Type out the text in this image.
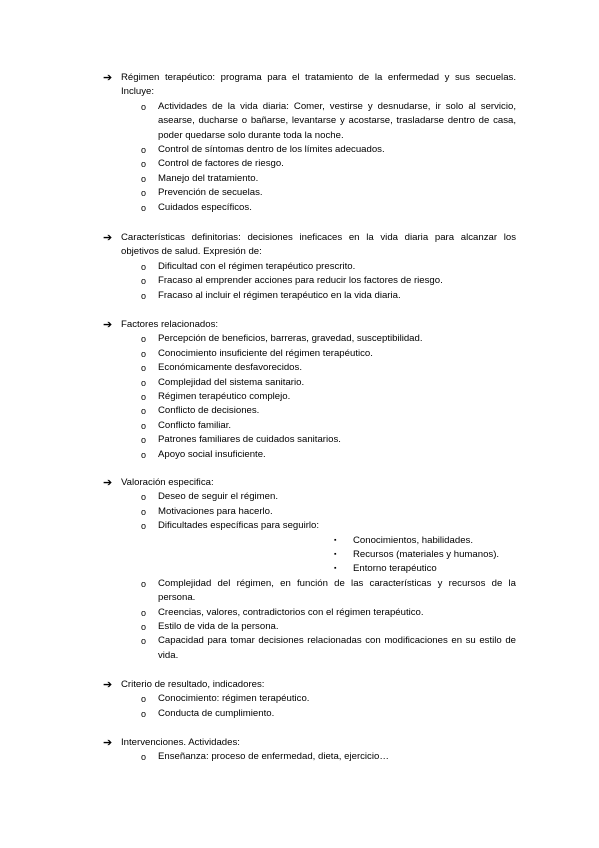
➔ Régimen terapéutico: programa para el tratamiento de la enfermedad y sus secuelas. Incluye:
o Actividades de la vida diaria: Comer, vestirse y desnudarse, ir solo al servicio, asearse, ducharse o bañarse, levantarse y acostarse, trasladarse dentro de casa, poder quedarse solo durante toda la noche.
o Control de síntomas dentro de los límites adecuados.
o Control de factores de riesgo.
o Manejo del tratamiento.
o Prevención de secuelas.
o Cuidados específicos.
➔ Características definitorias: decisiones ineficaces en la vida diaria para alcanzar los objetivos de salud. Expresión de:
o Dificultad con el régimen terapéutico prescrito.
o Fracaso al emprender acciones para reducir los factores de riesgo.
o Fracaso al incluir el régimen terapéutico en la vida diaria.
➔ Factores relacionados:
o Percepción de beneficios, barreras, gravedad, susceptibilidad.
o Conocimiento insuficiente del régimen terapéutico.
o Económicamente desfavorecidos.
o Complejidad del sistema sanitario.
o Régimen terapéutico complejo.
o Conflicto de decisiones.
o Conflicto familiar.
o Patrones familiares de cuidados sanitarios.
o Apoyo social insuficiente.
➔ Valoración especifica:
o Deseo de seguir el régimen.
o Motivaciones para hacerlo.
o Dificultades específicas para seguirlo:
▪ Conocimientos, habilidades.
▪ Recursos (materiales y humanos).
▪ Entorno terapéutico
o Complejidad del régimen, en función de las características y recursos de la persona.
o Creencias, valores, contradictorios con el régimen terapéutico.
o Estilo de vida de la persona.
o Capacidad para tomar decisiones relacionadas con modificaciones en su estilo de vida.
➔ Criterio de resultado, indicadores:
o Conocimiento: régimen terapéutico.
o Conducta de cumplimiento.
➔ Intervenciones. Actividades:
o Enseñanza: proceso de enfermedad, dieta, ejercicio…
